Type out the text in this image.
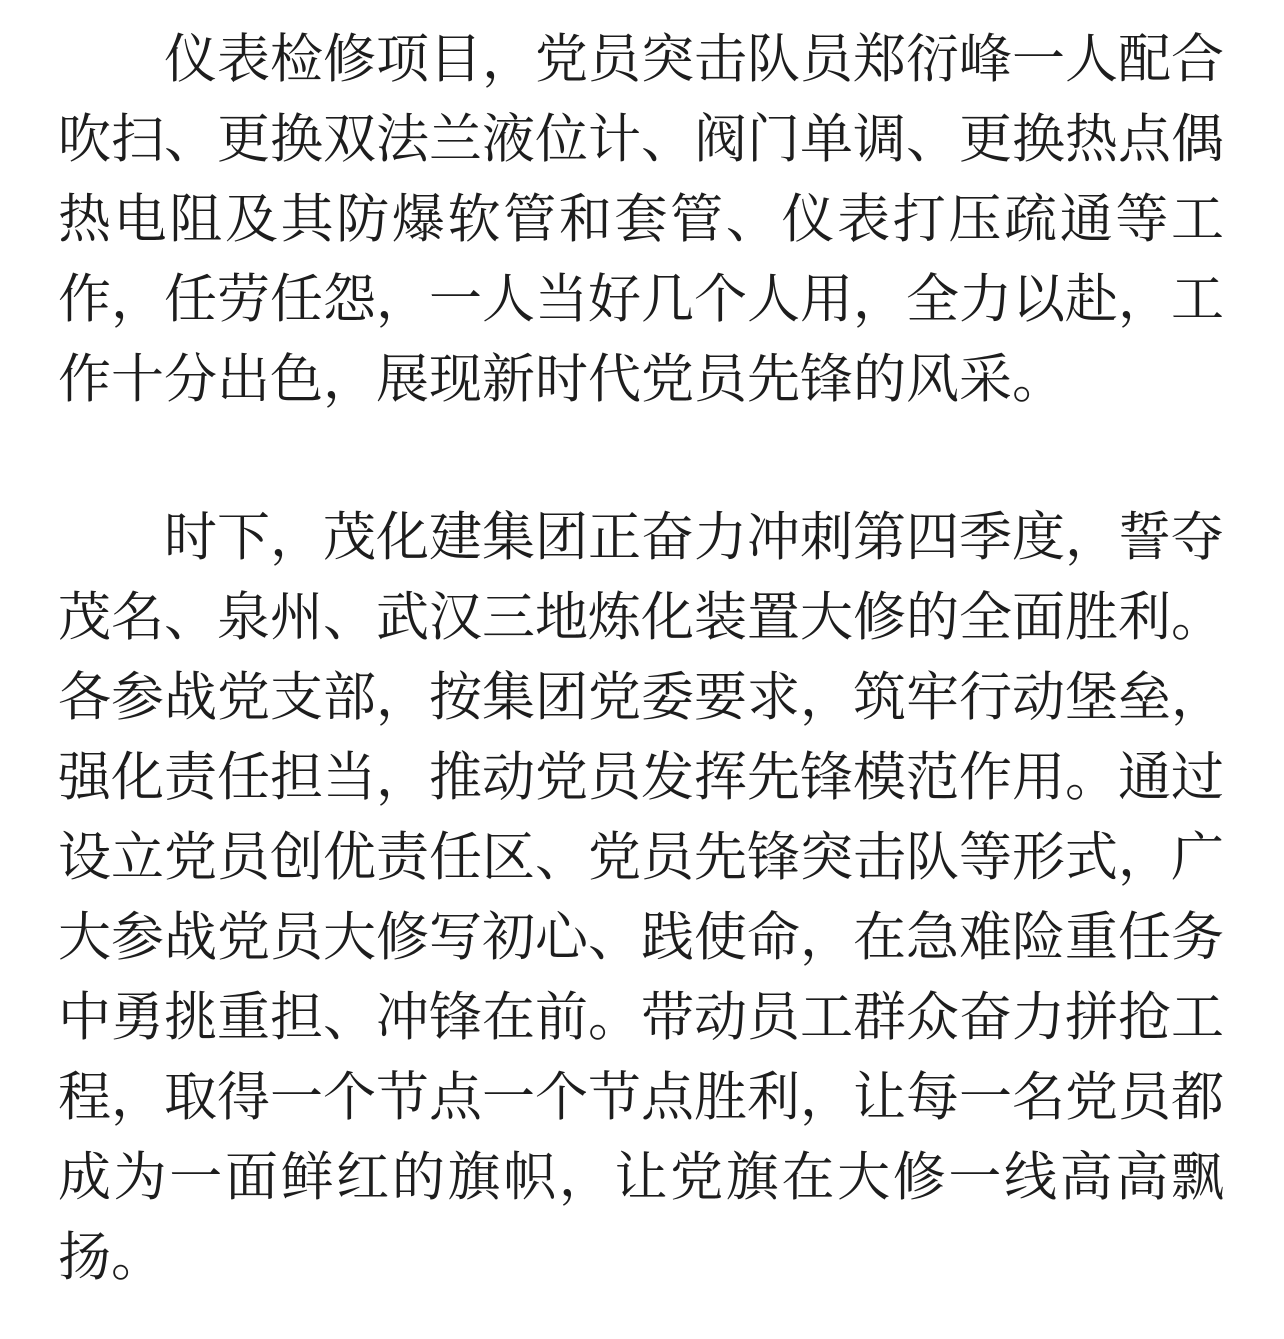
仪表检修项目，党员突击队员郑衍峰一人配合吹扫、更换双法兰液位计、阀门单调、更换热点偶热电阻及其防爆软管和套管、仪表打压疏通等工作，任劳任怨，一人当好几个人用，全力以赴，工作十分出色，展现新时代党员先锋的风采。

时下，茂化建集团正奋力冲刺第四季度，誓夺茂名、泉州、武汉三地炼化装置大修的全面胜利。各参战党支部，按集团党委要求，筑牢行动堡垒，强化责任担当，推动党员发挥先锋模范作用。通过设立党员创优责任区、党员先锋突击队等形式，广大参战党员大修写初心、践使命，在急难险重任务中勇挑重担、冲锋在前。带动员工群众奋力拼抢工程，取得一个节点一个节点胜利，让每一名党员都成为一面鲜红的旗帜，让党旗在大修一线高高飘扬。
